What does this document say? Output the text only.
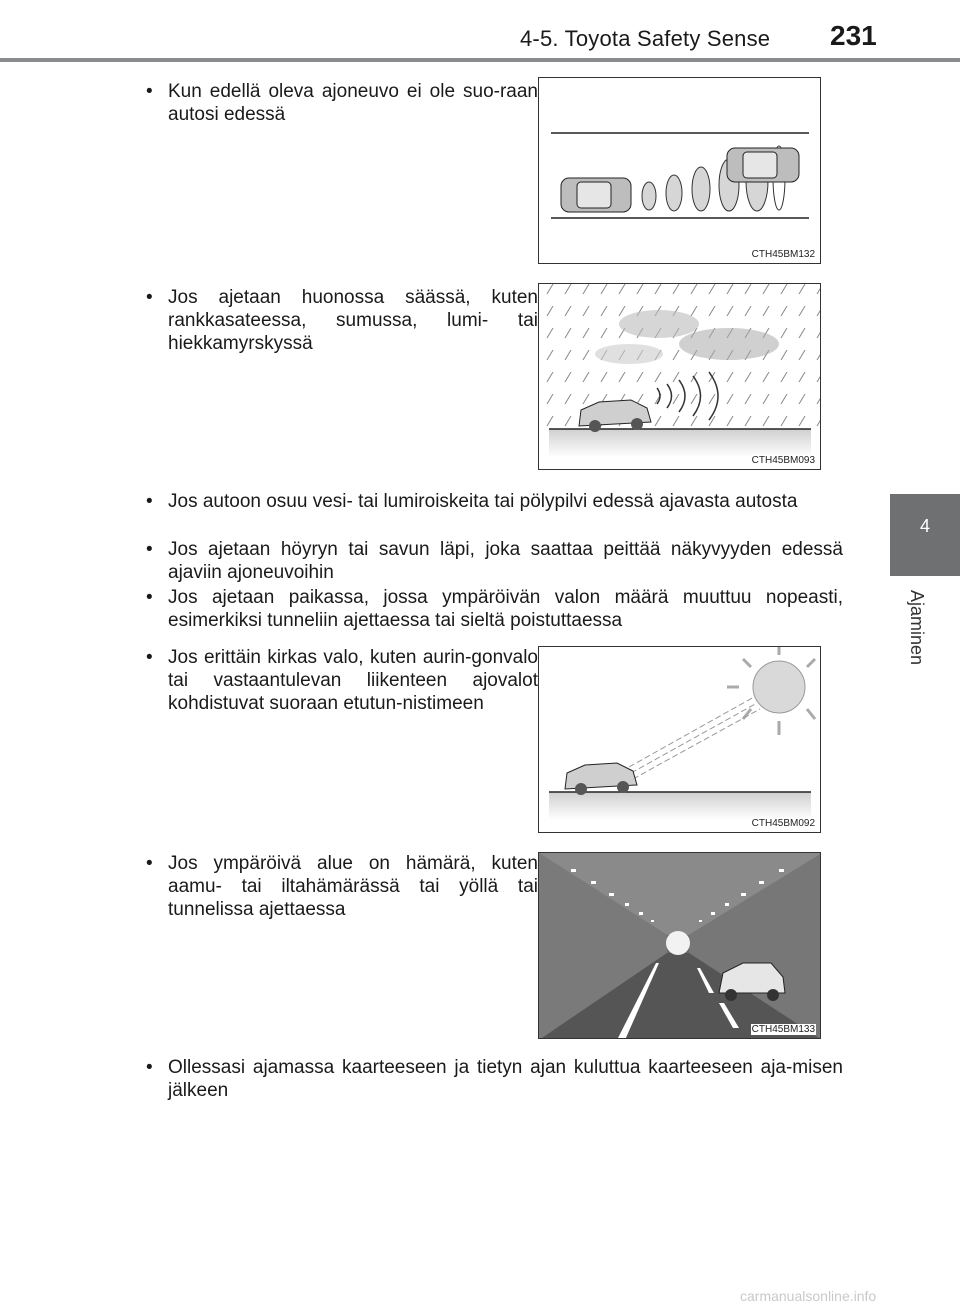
4-5. Toyota Safety Sense 231
4
Ajaminen
• Kun edellä oleva ajoneuvo ei ole suo-raan autosi edessä
• Jos ajetaan huonossa säässä, kuten rankkasateessa, sumussa, lumi- tai hiekkamyrskyssä
• Jos autoon osuu vesi- tai lumiroiskeita tai pölypilvi edessä ajavasta autosta
• Jos ajetaan höyryn tai savun läpi, joka saattaa peittää näkyvyyden edessä ajaviin ajoneuvoihin
• Jos ajetaan paikassa, jossa ympäröivän valon määrä muuttuu nopeasti, esimerkiksi tunneliin ajettaessa tai sieltä poistuttaessa
• Jos erittäin kirkas valo, kuten aurin-gonvalo tai vastaantulevan liikenteen ajovalot kohdistuvat suoraan etutun-nistimeen
• Jos ympäröivä alue on hämärä, kuten aamu- tai iltahämärässä tai yöllä tai tunnelissa ajettaessa
• Ollessasi ajamassa kaarteeseen ja tietyn ajan kuluttua kaarteeseen aja-misen jälkeen
CTH45BM132
CTH45BM093
CTH45BM092
CTH45BM133
carmanualsonline.info
